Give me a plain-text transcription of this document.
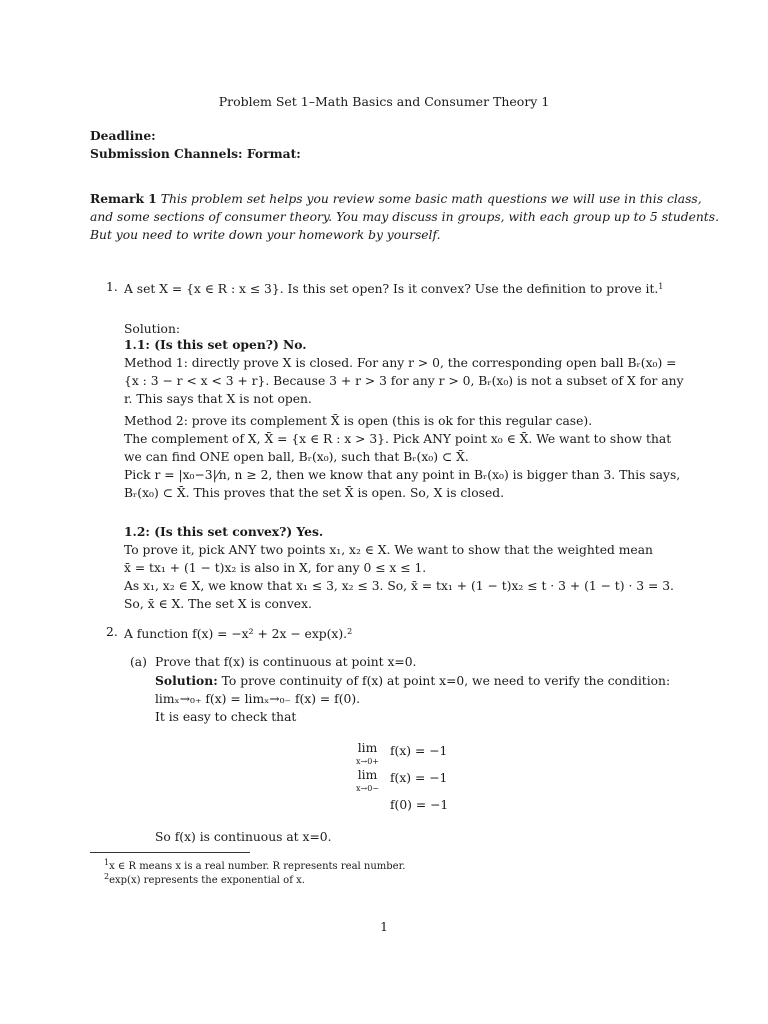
Problem Set 1–Math Basics and Consumer Theory 1
Deadline:
Submission Channels: Format:
Remark 1 This problem set helps you review some basic math questions we will use in this class,
and some sections of consumer theory. You may discuss in groups, with each group up to 5 students.
But you need to write down your homework by yourself.
1. A set X = {x ∈ R : x ≤ 3}. Is this set open? Is it convex? Use the definition to prove it.$^1$
Solution:
1.1: (Is this set open?) No.
Method 1: directly prove X is closed. For any r > 0, the corresponding open ball Bᵣ(x₀) =
{x : 3 − r < x < 3 + r}. Because 3 + r > 3 for any r > 0, Bᵣ(x₀) is not a subset of X for any
r. This says that X is not open.
Method 2: prove its complement X̄ is open (this is ok for this regular case).
The complement of X, X̄ = {x ∈ R : x > 3}. Pick ANY point x₀ ∈ X̄. We want to show that
we can find ONE open ball, Bᵣ(x₀), such that Bᵣ(x₀) ⊂ X̄.
Pick r = |x₀−3|⁄n, n ≥ 2, then we know that any point in Bᵣ(x₀) is bigger than 3. This says,
Bᵣ(x₀) ⊂ X̄. This proves that the set X̄ is open. So, X is closed.
1.2: (Is this set convex?) Yes.
To prove it, pick ANY two points x₁, x₂ ∈ X. We want to show that the weighted mean
x̄ = tx₁ + (1 − t)x₂ is also in X, for any 0 ≤ x ≤ 1.
As x₁, x₂ ∈ X, we know that x₁ ≤ 3, x₂ ≤ 3. So, x̄ = tx₁ + (1 − t)x₂ ≤ t · 3 + (1 − t) · 3 = 3.
So, x̄ ∈ X. The set X is convex.
2. A function f(x) = −x² + 2x − exp(x).$^2$
(a) Prove that f(x) is continuous at point x=0.
Solution: To prove continuity of f(x) at point x=0, we need to verify the condition:
limₓ→₀₊ f(x) = limₓ→₀₋ f(x) = f(0).
It is easy to check that
lim
x→0+
f(x) = −1
lim
x→0−
f(x) = −1
f(0) = −1
So f(x) is continuous at x=0.
$^1$x ∈ R means x is a real number. R represents real number.
$^2$exp(x) represents the exponential of x.
1
